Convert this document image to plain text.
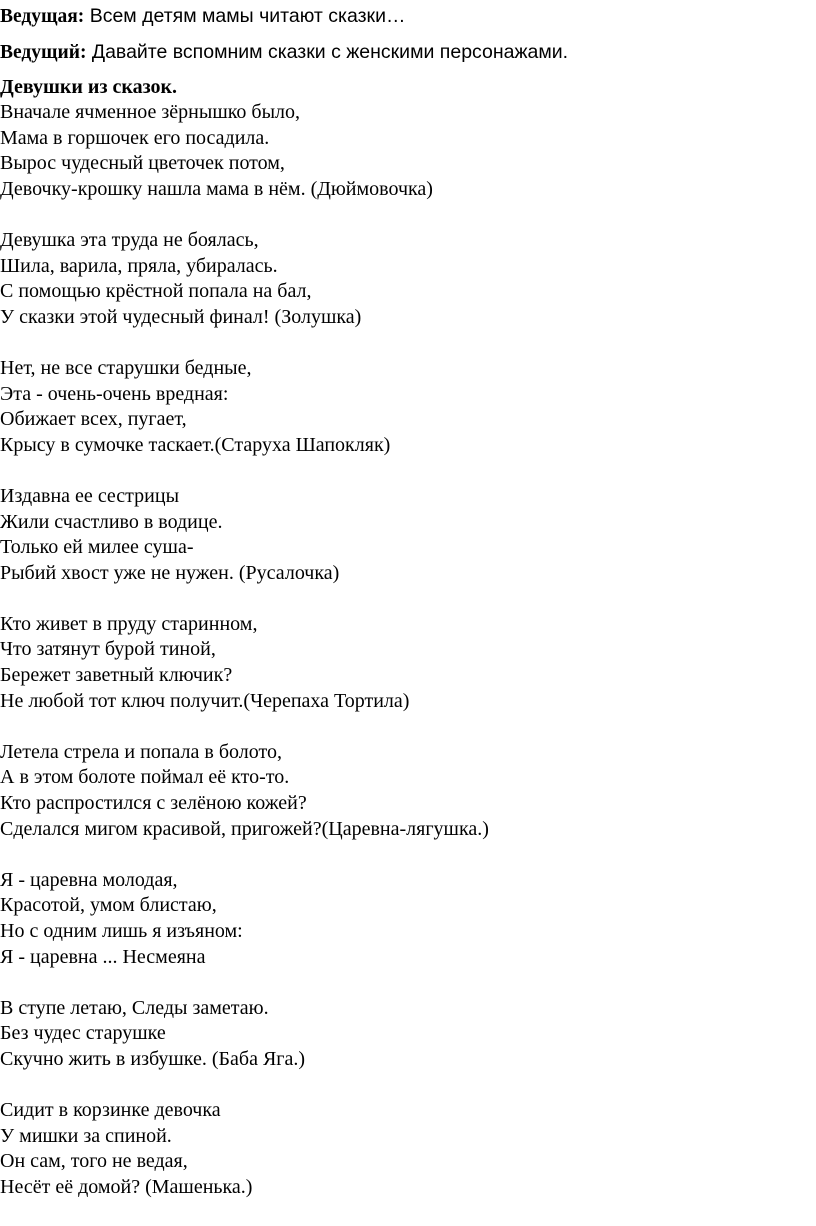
Ведущая: Всем детям мамы читают сказки…

Ведущий: Давайте вспомним сказки с женскими персонажами.

Девушки из сказок.
Вначале ячменное зёрнышко было,
Мама в горшочек его посадила.
Вырос чудесный цветочек потом,
Девочку-крошку нашла мама в нём. (Дюймовочка)
Девушка эта труда не боялась,
Шила, варила, пряла, убиралась.
С помощью крёстной попала на бал,
У сказки этой чудесный финал! (Золушка)
Нет, не все старушки бедные,
Эта - очень-очень вредная:
Обижает всех, пугает,
Крысу в сумочке таскает.(Старуха Шапокляк)
Издавна ее сестрицы
Жили счастливо в водице.
Только ей милее суша-
Рыбий хвост уже не нужен. (Русалочка)
Кто живет в пруду старинном,
Что затянут бурой тиной,
Бережет заветный ключик?
Не любой тот ключ получит.(Черепаха Тортила)
Летела стрела и попала в болото,
А в этом болоте поймал её кто-то.
Кто распростился с зелёною кожей?
Сделался мигом красивой, пригожей?(Царевна-лягушка.)
Я - царевна молодая,
Красотой, умом блистаю,
Но с одним лишь я изъяном:
Я - царевна ... Несмеяна
В ступе летаю, Следы заметаю.
Без чудес старушке
Скучно жить в избушке. (Баба Яга.)
Сидит в корзинке девочка
У мишки за спиной.
Он сам, того не ведая,
Несёт её домой? (Машенька.)
